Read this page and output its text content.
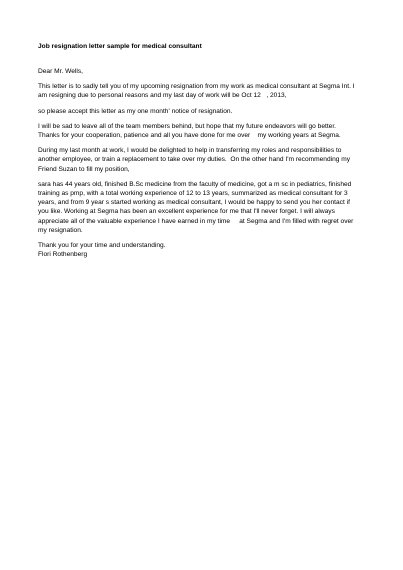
Job resignation letter sample for medical consultant
Dear Mr. Wells,
This letter is to sadly tell you of my upcoming resignation from my work as medical consultant at Segma Int. I
am resigning due to personal reasons and my last day of work will be Oct 12   , 2013,
so please accept this letter as my one month' notice of resignation.
I will be sad to leave all of the team members behind, but hope that my future endeavors will go better.
Thanks for your cooperation, patience and all you have done for me over    my working years at Segma.
During my last month at work, I would be delighted to help in transferring my roles and responsibilities to
another employee, or train a replacement to take over my duties.  On the other hand I'm recommending my
Friend Suzan to fill my position,
sara has 44 years old, finished B.Sc medicine from the faculty of medicine, got a m sc in pediatrics, finished
training as pmp, with a total working experience of 12 to 13 years, summarized as medical consultant for 3
years, and from 9 year s started working as medical consultant, I would be happy to send you her contact if
you like. Working at Segma has been an excellent experience for me that I'll never forget. I will always
appreciate all of the valuable experience I have earned in my time     at Segma and I'm filled with regret over
my resignation.
Thank you for your time and understanding.
Flori Rothenberg
